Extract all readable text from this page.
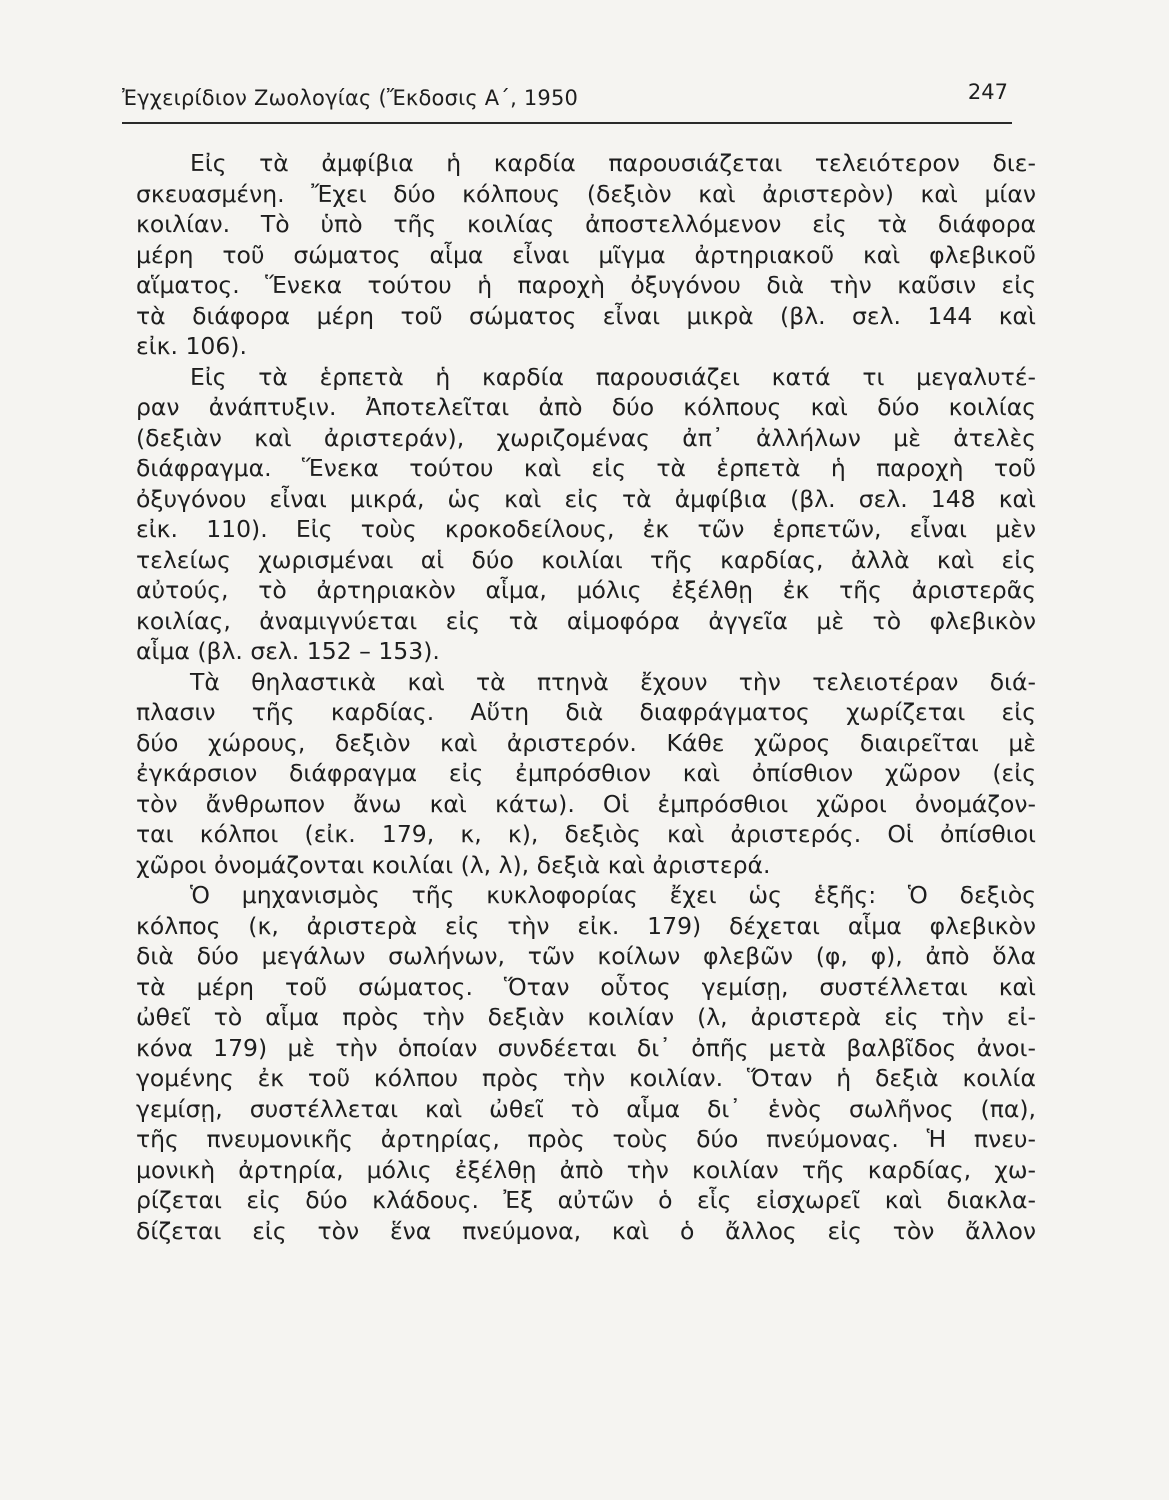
Ἐγχειρίδιον Ζωολογίας (Ἔκδοσις Α΄, 1950	247
Εἰς τὰ ἀμφίβια ἡ καρδία παρουσιάζεται τελειότερον διε-
σκευασμένη. Ἔχει δύο κόλπους (δεξιὸν καὶ ἀριστερὸν) καὶ μίαν
κοιλίαν. Τὸ ὑπὸ τῆς κοιλίας ἀποστελλόμενον εἰς τὰ διάφορα
μέρη τοῦ σώματος αἷμα εἶναι μῖγμα ἀρτηριακοῦ καὶ φλεβικοῦ
αἵματος. Ἕνεκα τούτου ἡ παροχὴ ὀξυγόνου διὰ τὴν καῦσιν εἰς
τὰ διάφορα μέρη τοῦ σώματος εἶναι μικρὰ (βλ. σελ. 144 καὶ
εἰκ. 106).
Εἰς τὰ ἑρπετὰ ἡ καρδία παρουσιάζει κατά τι μεγαλυτέ-
ραν ἀνάπτυξιν. Ἀποτελεῖται ἀπὸ δύο κόλπους καὶ δύο κοιλίας
(δεξιὰν καὶ ἀριστεράν), χωριζομένας ἀπ᾽ ἀλλήλων μὲ ἀτελὲς
διάφραγμα. Ἕνεκα τούτου καὶ εἰς τὰ ἑρπετὰ ἡ παροχὴ τοῦ
ὀξυγόνου εἶναι μικρά, ὡς καὶ εἰς τὰ ἀμφίβια (βλ. σελ. 148 καὶ
εἰκ. 110). Εἰς τοὺς κροκοδείλους, ἐκ τῶν ἑρπετῶν, εἶναι μὲν
τελείως χωρισμέναι αἱ δύο κοιλίαι τῆς καρδίας, ἀλλὰ καὶ εἰς
αὐτούς, τὸ ἀρτηριακὸν αἷμα, μόλις ἐξέλθῃ ἐκ τῆς ἀριστερᾶς
κοιλίας, ἀναμιγνύεται εἰς τὰ αἱμοφόρα ἀγγεῖα μὲ τὸ φλεβικὸν
αἷμα (βλ. σελ. 152 – 153).
Τὰ θηλαστικὰ καὶ τὰ πτηνὰ ἔχουν τὴν τελειοτέραν διά-
πλασιν τῆς καρδίας. Αὕτη διὰ διαφράγματος χωρίζεται εἰς
δύο χώρους, δεξιὸν καὶ ἀριστερόν. Κάθε χῶρος διαιρεῖται μὲ
ἐγκάρσιον διάφραγμα εἰς ἐμπρόσθιον καὶ ὀπίσθιον χῶρον (εἰς
τὸν ἄνθρωπον ἄνω καὶ κάτω). Οἱ ἐμπρόσθιοι χῶροι ὀνομάζον-
ται κόλποι (εἰκ. 179, κ, κ), δεξιὸς καὶ ἀριστερός. Οἱ ὀπίσθιοι
χῶροι ὀνομάζονται κοιλίαι (λ, λ), δεξιὰ καὶ ἀριστερά.
Ὁ μηχανισμὸς τῆς κυκλοφορίας ἔχει ὡς ἑξῆς: Ὁ δεξιὸς
κόλπος (κ, ἀριστερὰ εἰς τὴν εἰκ. 179) δέχεται αἷμα φλεβικὸν
διὰ δύο μεγάλων σωλήνων, τῶν κοίλων φλεβῶν (φ, φ), ἀπὸ ὅλα
τὰ μέρη τοῦ σώματος. Ὅταν οὗτος γεμίσῃ, συστέλλεται καὶ
ὠθεῖ τὸ αἷμα πρὸς τὴν δεξιὰν κοιλίαν (λ, ἀριστερὰ εἰς τὴν εἰ-
κόνα 179) μὲ τὴν ὁποίαν συνδέεται δι᾽ ὀπῆς μετὰ βαλβῖδος ἀνοι-
γομένης ἐκ τοῦ κόλπου πρὸς τὴν κοιλίαν. Ὅταν ἡ δεξιὰ κοιλία
γεμίσῃ, συστέλλεται καὶ ὠθεῖ τὸ αἷμα δι᾽ ἑνὸς σωλῆνος (πα),
τῆς πνευμονικῆς ἀρτηρίας, πρὸς τοὺς δύο πνεύμονας. Ἡ πνευ-
μονικὴ ἀρτηρία, μόλις ἐξέλθῃ ἀπὸ τὴν κοιλίαν τῆς καρδίας, χω-
ρίζεται εἰς δύο κλάδους. Ἐξ αὐτῶν ὁ εἷς εἰσχωρεῖ καὶ διακλα-
δίζεται εἰς τὸν ἕνα πνεύμονα, καὶ ὁ ἄλλος εἰς τὸν ἄλλον
